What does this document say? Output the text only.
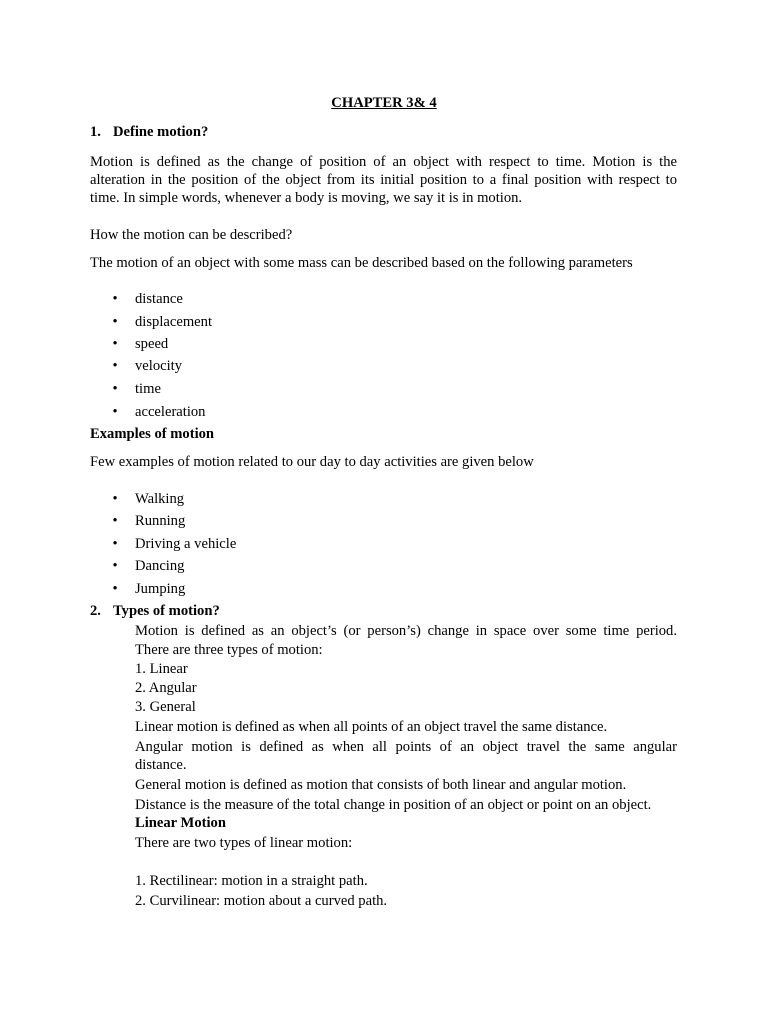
CHAPTER 3& 4
1. Define motion?
Motion is defined as the change of position of an object with respect to time. Motion is the
alteration in the position of the object from its initial position to a final position with respect to
time. In simple words, whenever a body is moving, we say it is in motion.
How the motion can be described?
The motion of an object with some mass can be described based on the following parameters
• distance
• displacement
• speed
• velocity
• time
• acceleration
Examples of motion
Few examples of motion related to our day to day activities are given below
• Walking
• Running
• Driving a vehicle
• Dancing
• Jumping
2. Types of motion?
Motion is defined as an object’s (or person’s) change in space over some time period.
There are three types of motion:
1. Linear
2. Angular
3. General
Linear motion is defined as when all points of an object travel the same distance.
Angular motion is defined as when all points of an object travel the same angular
distance.
General motion is defined as motion that consists of both linear and angular motion.
Distance is the measure of the total change in position of an object or point on an object.
Linear Motion
There are two types of linear motion:
1. Rectilinear: motion in a straight path.
2. Curvilinear: motion about a curved path.
